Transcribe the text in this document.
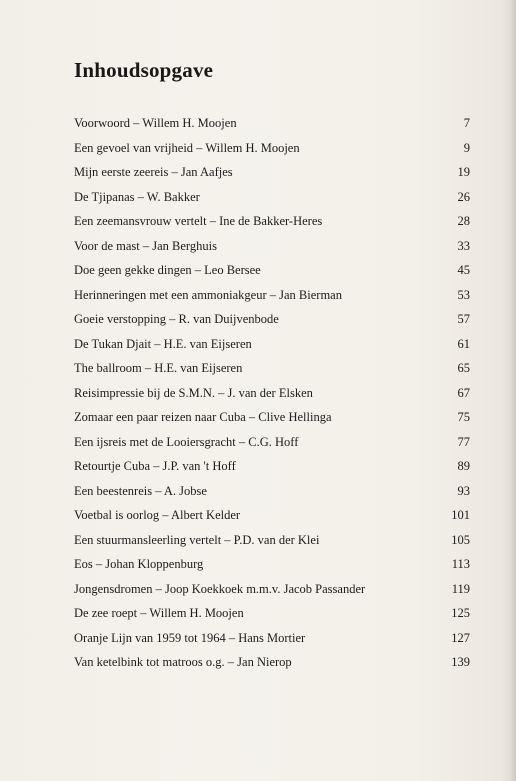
Inhoudsopgave
Voorwoord – Willem H. Moojen	7
Een gevoel van vrijheid – Willem H. Moojen	9
Mijn eerste zeereis – Jan Aafjes	19
De Tjipanas – W. Bakker	26
Een zeemansvrouw vertelt – Ine de Bakker-Heres	28
Voor de mast – Jan Berghuis	33
Doe geen gekke dingen – Leo Bersee	45
Herinneringen met een ammoniakgeur – Jan Bierman	53
Goeie verstopping – R. van Duijvenbode	57
De Tukan Djait – H.E. van Eijseren	61
The ballroom – H.E. van Eijseren	65
Reisimpressie bij de S.M.N. – J. van der Elsken	67
Zomaar een paar reizen naar Cuba – Clive Hellinga	75
Een ijsreis met de Looiersgracht – C.G. Hoff	77
Retourtje Cuba – J.P. van 't Hoff	89
Een beestenreis – A. Jobse	93
Voetbal is oorlog – Albert Kelder	101
Een stuurmansleerling vertelt – P.D. van der Klei	105
Eos – Johan Kloppenburg	113
Jongensdromen – Joop Koekkoek m.m.v. Jacob Passander	119
De zee roept – Willem H. Moojen	125
Oranje Lijn van 1959 tot 1964 – Hans Mortier	127
Van ketelbink tot matroos o.g. – Jan Nierop	139
